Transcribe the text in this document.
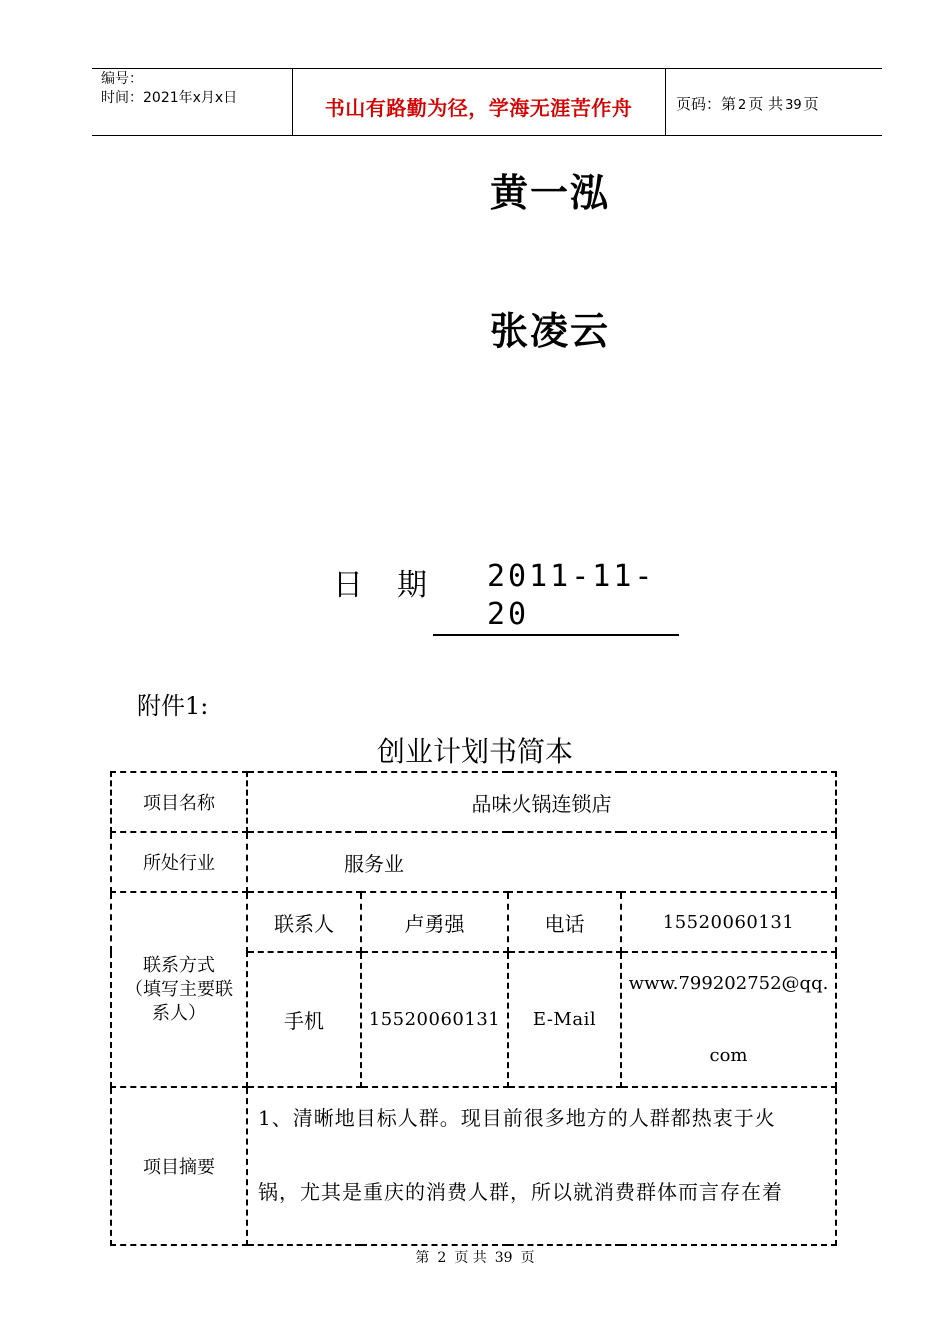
编号：
时间：2021年x月x日	书山有路勤为径，学海无涯苦作舟	页码：第 2 页 共 39 页
黄一泓
张凌云
日 期	2011-11-20
附件1:
创业计划书简本
项目名称	品味火锅连锁店			
所处行业	服务业			

联系方式
（填写主要联
系人）	联系人	卢勇强	电话	15520060131
	手机	15520060131	E-Mail	www.799202752@qq.
com

项目摘要	1、清晰地目标人群。现目前很多地方的人群都热衷于火

锅，尤其是重庆的消费人群，所以就消费群体而言存在着			

第 2 页 共 39 页
